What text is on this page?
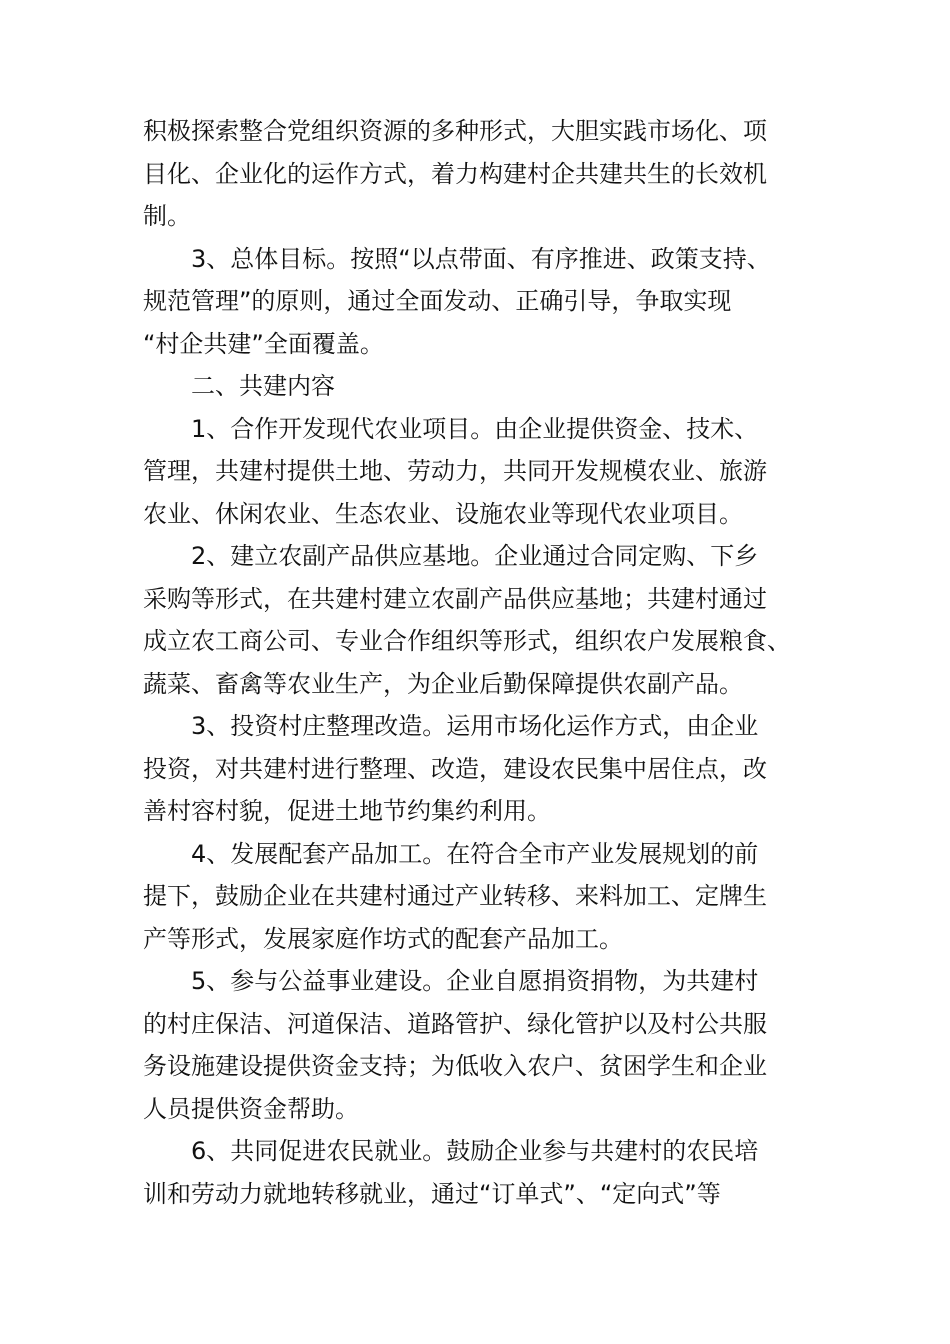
积极探索整合党组织资源的多种形式，大胆实践市场化、项
目化、企业化的运作方式，着力构建村企共建共生的长效机
制。

3、总体目标。按照“以点带面、有序推进、政策支持、
规范管理”的原则，通过全面发动、正确引导，争取实现
“村企共建”全面覆盖。

二、共建内容

1、合作开发现代农业项目。由企业提供资金、技术、
管理，共建村提供土地、劳动力，共同开发规模农业、旅游
农业、休闲农业、生态农业、设施农业等现代农业项目。

2、建立农副产品供应基地。企业通过合同定购、下乡
采购等形式，在共建村建立农副产品供应基地；共建村通过
成立农工商公司、专业合作组织等形式，组织农户发展粮食、
蔬菜、畜禽等农业生产，为企业后勤保障提供农副产品。

3、投资村庄整理改造。运用市场化运作方式，由企业
投资，对共建村进行整理、改造，建设农民集中居住点，改
善村容村貌，促进土地节约集约利用。

4、发展配套产品加工。在符合全市产业发展规划的前
提下，鼓励企业在共建村通过产业转移、来料加工、定牌生
产等形式，发展家庭作坊式的配套产品加工。

5、参与公益事业建设。企业自愿捐资捐物，为共建村
的村庄保洁、河道保洁、道路管护、绿化管护以及村公共服
务设施建设提供资金支持；为低收入农户、贫困学生和企业
人员提供资金帮助。

6、共同促进农民就业。鼓励企业参与共建村的农民培
训和劳动力就地转移就业，通过“订单式”、“定向式”等
